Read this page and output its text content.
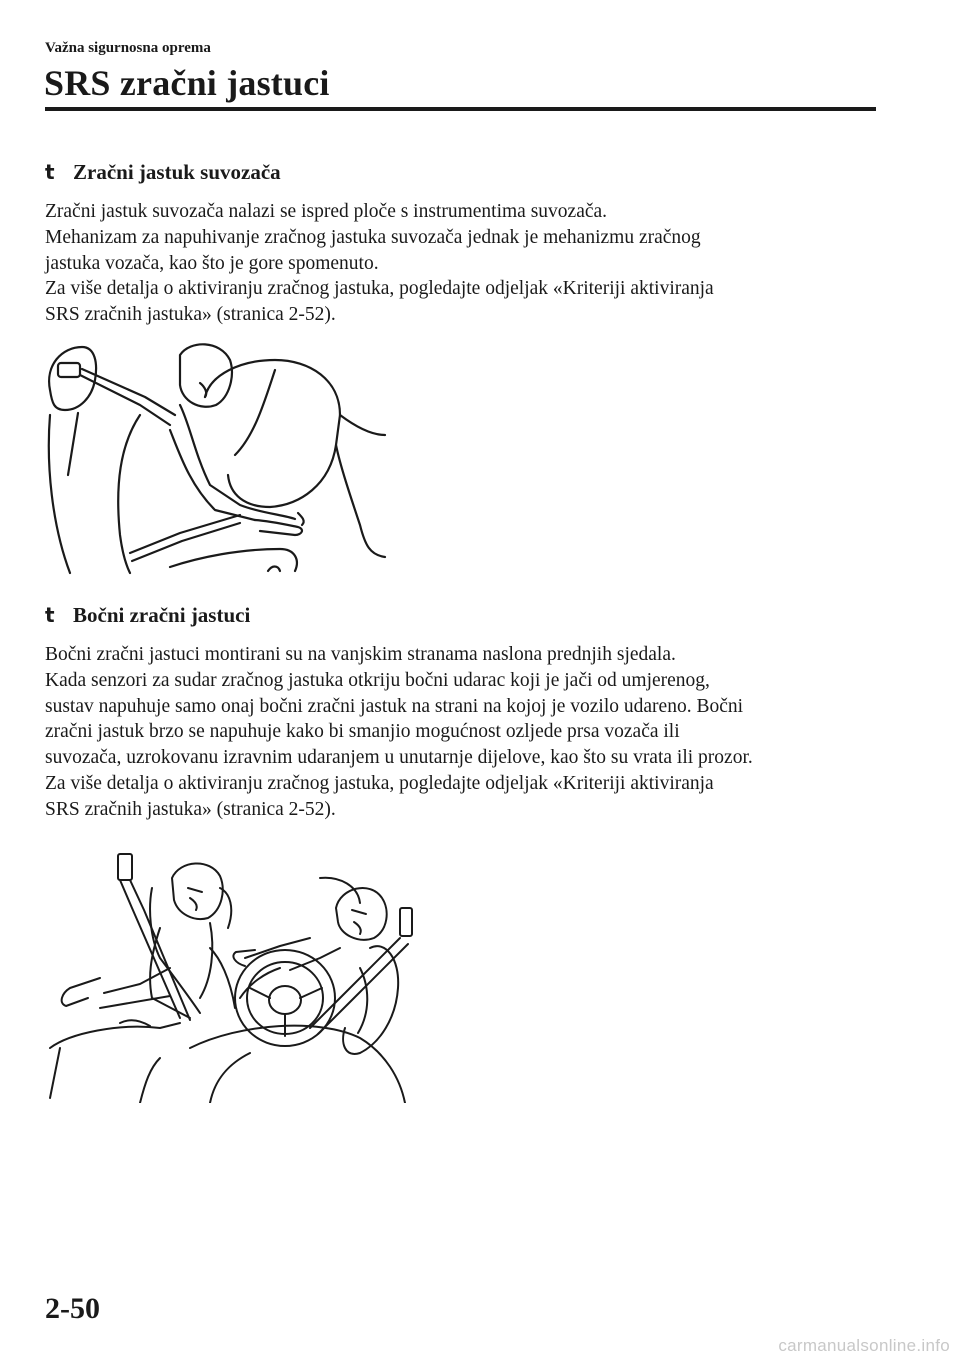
Važna sigurnosna oprema
SRS zračni jastuci
t Zračni jastuk suvozača

Zračni jastuk suvozača nalazi se ispred ploče s instrumentima suvozača.

Mehanizam za napuhivanje zračnog jastuka suvozača jednak je mehanizmu zračnog

jastuka vozača, kao što je gore spomenuto.

Za više detalja o aktiviranju zračnog jastuka, pogledajte odjeljak «Kriteriji aktiviranja

SRS zračnih jastuka» (stranica 2-52).

t Bočni zračni jastuci

Bočni zračni jastuci montirani su na vanjskim stranama naslona prednjih sjedala.

Kada senzori za sudar zračnog jastuka otkriju bočni udarac koji je jači od umjerenog,

sustav napuhuje samo onaj bočni zračni jastuk na strani na kojoj je vozilo udareno. Bočni

zračni jastuk brzo se napuhuje kako bi smanjio mogućnost ozljede prsa vozača ili

suvozača, uzrokovanu izravnim udaranjem u unutarnje dijelove, kao što su vrata ili prozor.

Za više detalja o aktiviranju zračnog jastuka, pogledajte odjeljak «Kriteriji aktiviranja

SRS zračnih jastuka» (stranica 2-52).

2-50
carmanualsonline.info
